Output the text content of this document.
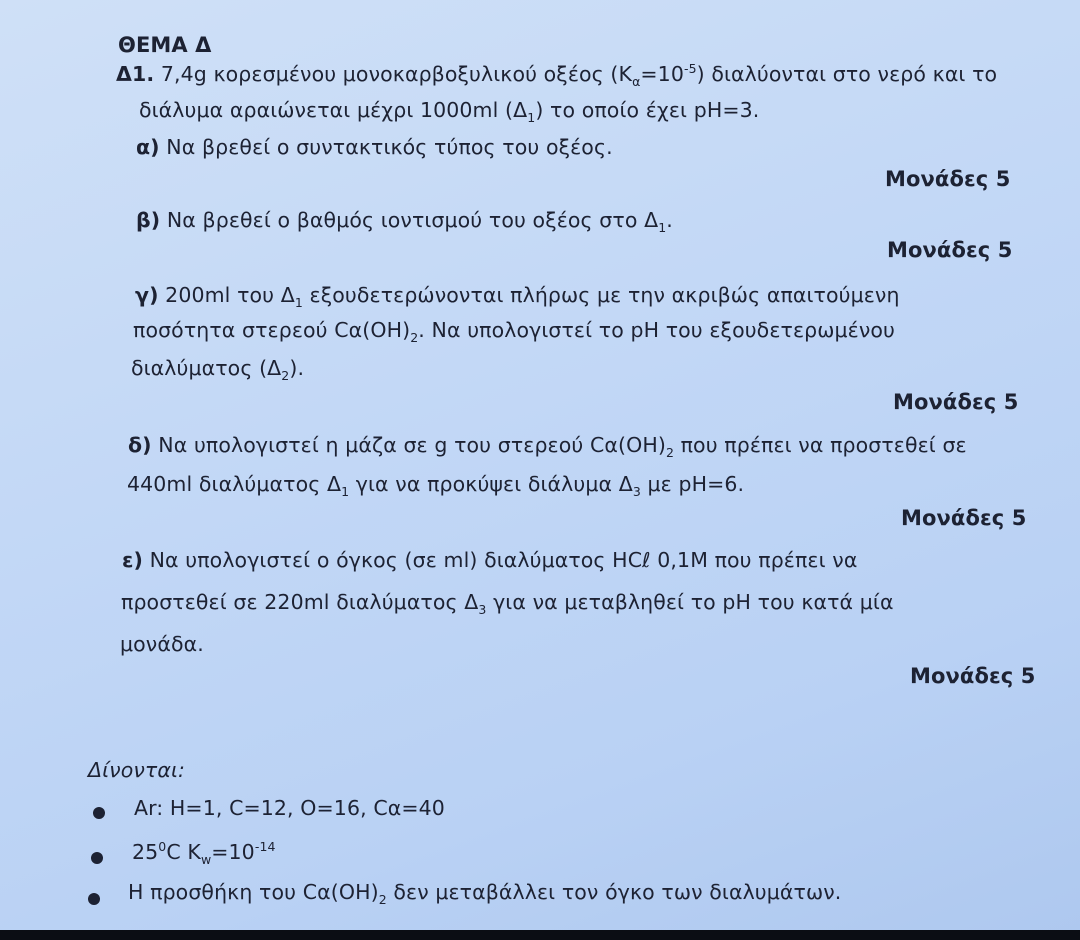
ΘΕΜΑ Δ
Δ1. 7,4g κορεσμένου μονοκαρβοξυλικού οξέος $(K_\alpha=10^{-5})$ διαλύονται στο νερό και το
διάλυμα αραιώνεται μέχρι 1000ml $(\Delta_1)$ το οποίο έχει pH=3.
α) Να βρεθεί ο συντακτικός τύπος του οξέος.
Μονάδες 5
β) Να βρεθεί ο βαθμός ιοντισμού του οξέος στο $\Delta_1$.
Μονάδες 5
γ) 200ml του $\Delta_1$ εξουδετερώνονται πλήρως με την ακριβώς απαιτούμενη
ποσότητα στερεού $C\alpha(OH)_2$. Να υπολογιστεί το pH του εξουδετερωμένου
διαλύματος $(\Delta_2)$.
Μονάδες 5
δ) Να υπολογιστεί η μάζα σε g του στερεού $C\alpha(OH)_2$ που πρέπει να προστεθεί σε
440ml διαλύματος $\Delta_1$ για να προκύψει διάλυμα $\Delta_3$ με pH=6.
Μονάδες 5
ε) Να υπολογιστεί ο όγκος (σε ml) διαλύματος HCℓ 0,1M που πρέπει να
προστεθεί σε 220ml διαλύματος $\Delta_3$ για να μεταβληθεί το pH του κατά μία
μονάδα.
Μονάδες 5
Δίνονται:
Ar: H=1, C=12, O=16, Cα=40
$25^0C$ $K_w=10^{-14}$
Η προσθήκη του $C\alpha(OH)_2$ δεν μεταβάλλει τον όγκο των διαλυμάτων.
